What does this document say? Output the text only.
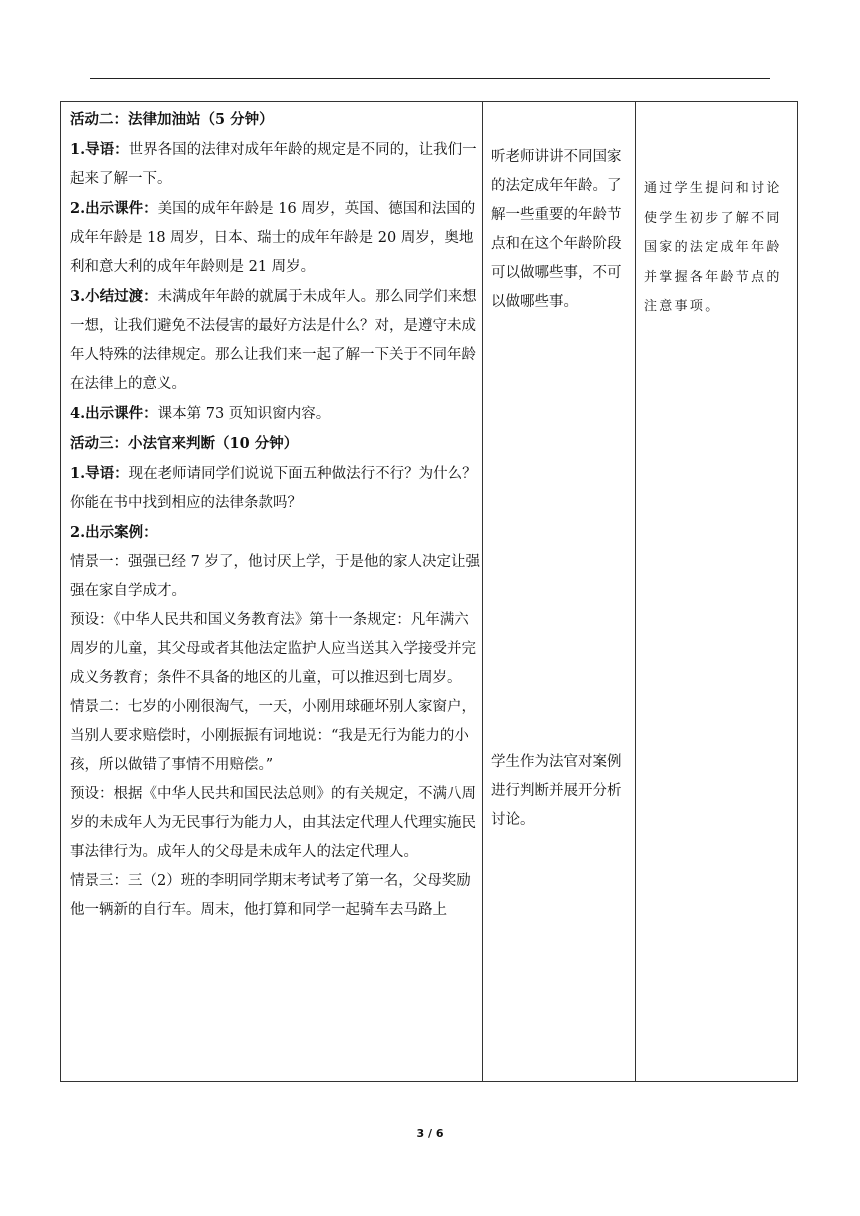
活动二：法律加油站（5 分钟）

1.导语：世界各国的法律对成年年龄的规定是不同的，让我们一起来了解一下。

2.出示课件：美国的成年年龄是 16 周岁，英国、德国和法国的成年年龄是 18 周岁，日本、瑞士的成年年龄是 20 周岁，奥地利和意大利的成年年龄则是 21 周岁。

3.小结过渡：未满成年年龄的就属于未成年人。那么同学们来想一想，让我们避免不法侵害的最好方法是什么？对，是遵守未成年人特殊的法律规定。那么让我们来一起了解一下关于不同年龄在法律上的意义。

4.出示课件：课本第 73 页知识窗内容。

活动三：小法官来判断（10 分钟）

1.导语：现在老师请同学们说说下面五种做法行不行？为什么？你能在书中找到相应的法律条款吗？

2.出示案例：

情景一：强强已经 7 岁了，他讨厌上学，于是他的家人决定让强强在家自学成才。

预设：《中华人民共和国义务教育法》第十一条规定：凡年满六周岁的儿童，其父母或者其他法定监护人应当送其入学接受并完成义务教育；条件不具备的地区的儿童，可以推迟到七周岁。

情景二：七岁的小刚很淘气，一天，小刚用球砸坏别人家窗户，当别人要求赔偿时，小刚振振有词地说：“我是无行为能力的小孩，所以做错了事情不用赔偿。”

预设：根据《中华人民共和国民法总则》的有关规定，不满八周岁的未成年人为无民事行为能力人，由其法定代理人代理实施民事法律行为。成年人的父母是未成年人的法定代理人。

情景三：三（2）班的李明同学期末考试考了第一名，父母奖励他一辆新的自行车。周末，他打算和同学一起骑车去马路上

听老师讲讲不同国家的法定成年年龄。了解一些重要的年龄节点和在这个年龄阶段可以做哪些事，不可以做哪些事。

学生作为法官对案例进行判断并展开分析讨论。

通过学生提问和讨论使学生初步了解不同国家的法定成年年龄并掌握各年龄节点的注意事项。
3 / 6
